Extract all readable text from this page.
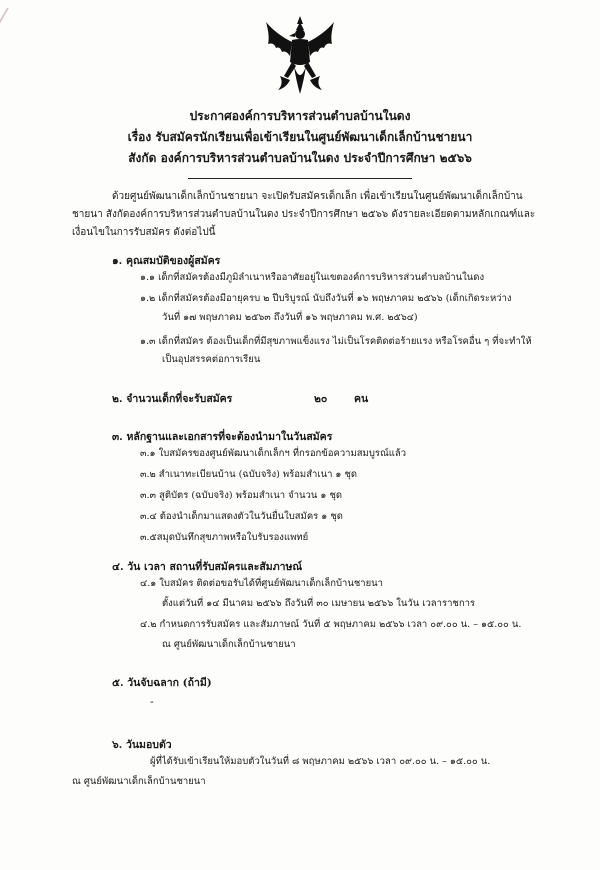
ประกาศองค์การบริหารส่วนตำบลบ้านในดง
เรื่อง รับสมัครนักเรียนเพื่อเข้าเรียนในศูนย์พัฒนาเด็กเล็กบ้านชายนา
สังกัด องค์การบริหารส่วนตำบลบ้านในดง ประจำปีการศึกษา ๒๕๖๖
ด้วยศูนย์พัฒนาเด็กเล็กบ้านชายนา จะเปิดรับสมัครเด็กเล็ก เพื่อเข้าเรียนในศูนย์พัฒนาเด็กเล็กบ้าน
ชายนา สังกัดองค์การบริหารส่วนตำบลบ้านในดง ประจำปีการศึกษา ๒๕๖๖ ดังรายละเอียดตามหลักเกณฑ์และ
เงื่อนไขในการรับสมัคร ดังต่อไปนี้
๑. คุณสมบัติของผู้สมัคร
๑.๑ เด็กที่สมัครต้องมีภูมิลำเนาหรืออาศัยอยู่ในเขตองค์การบริหารส่วนตำบลบ้านในดง
๑.๒ เด็กที่สมัครต้องมีอายุครบ ๒ ปีบริบูรณ์ นับถึงวันที่ ๑๖ พฤษภาคม ๒๕๖๖ (เด็กเกิดระหว่าง
วันที่ ๑๗ พฤษภาคม ๒๕๖๓ ถึงวันที่ ๑๖ พฤษภาคม พ.ศ. ๒๕๖๔)
๑.๓ เด็กที่สมัคร ต้องเป็นเด็กที่มีสุขภาพแข็งแรง ไม่เป็นโรคติดต่อร้ายแรง หรือโรคอื่น ๆ ที่จะทำให้
เป็นอุปสรรคต่อการเรียน
๒. จำนวนเด็กที่จะรับสมัคร	๒๐	คน
๓. หลักฐานและเอกสารที่จะต้องนำมาในวันสมัคร
๓.๑ ใบสมัครของศูนย์พัฒนาเด็กเล็กฯ ที่กรอกข้อความสมบูรณ์แล้ว
๓.๒ สำเนาทะเบียนบ้าน (ฉบับจริง) พร้อมสำเนา ๑ ชุด
๓.๓ สูติบัตร (ฉบับจริง) พร้อมสำเนา จำนวน ๑ ชุด
๓.๔ ต้องนำเด็กมาแสดงตัวในวันยื่นใบสมัคร ๑ ชุด
๓.๕สมุดบันทึกสุขภาพหรือใบรับรองแพทย์
๔. วัน เวลา สถานที่รับสมัครและสัมภาษณ์
๔.๑ ใบสมัคร ติดต่อขอรับได้ที่ศูนย์พัฒนาเด็กเล็กบ้านชายนา
ตั้งแต่วันที่ ๑๔ มีนาคม ๒๕๖๖ ถึงวันที่ ๓๐ เมษายน ๒๕๖๖ ในวัน เวลาราชการ
๔.๒ กำหนดการรับสมัคร และสัมภาษณ์ วันที่ ๕ พฤษภาคม ๒๕๖๖ เวลา ๐๙.๐๐ น. – ๑๕.๐๐ น.
ณ ศูนย์พัฒนาเด็กเล็กบ้านชายนา
๕. วันจับฉลาก (ถ้ามี)
-
๖. วันมอบตัว
ผู้ที่ได้รับเข้าเรียนให้มอบตัวในวันที่ ๘ พฤษภาคม ๒๕๖๖ เวลา ๐๙.๐๐ น. – ๑๕.๐๐ น.
ณ ศูนย์พัฒนาเด็กเล็กบ้านชายนา
